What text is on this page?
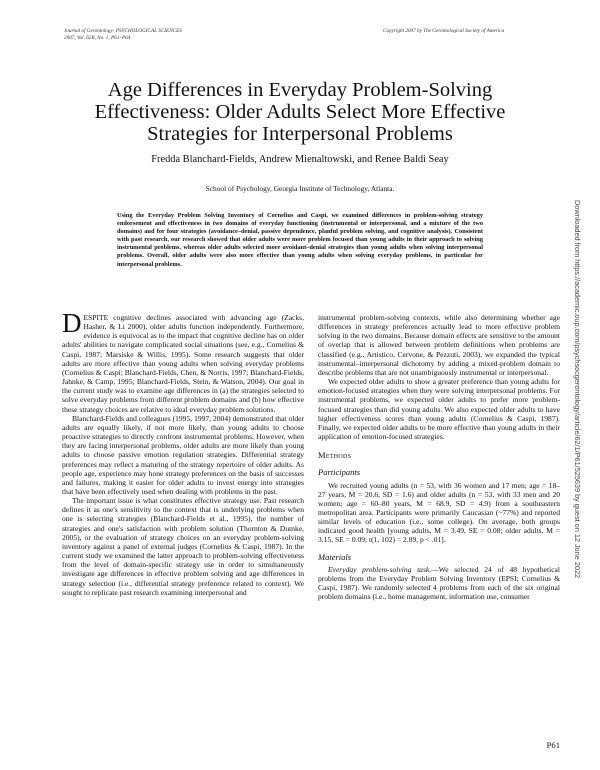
Journal of Gerontology: PSYCHOLOGICAL SCIENCES
2007, Vol. 62B, No. 1, P61–P64
Copyright 2007 by The Gerontological Society of America
Age Differences in Everyday Problem-Solving Effectiveness: Older Adults Select More Effective Strategies for Interpersonal Problems
Fredda Blanchard-Fields, Andrew Mienaltowski, and Renee Baldi Seay
School of Psychology, Georgia Institute of Technology, Atlanta.
Using the Everyday Problem Solving Inventory of Cornelius and Caspi, we examined differences in problem-solving strategy endorsement and effectiveness in two domains of everyday functioning (instrumental or interpersonal, and a mixture of the two domains) and for four strategies (avoidance–denial, passive dependence, planful problem solving, and cognitive analysis). Consistent with past research, our research showed that older adults were more problem focused than young adults in their approach to solving instrumental problems, whereas older adults selected more avoidant–denial strategies than young adults when solving interpersonal problems. Overall, older adults were also more effective than young adults when solving everyday problems, in particular for interpersonal problems.

DESPITE cognitive declines associated with advancing age (Zacks, Hasher, & Li 2000), older adults function independently. Furthermore, evidence is equivocal as to the impact that cognitive decline has on older adults' abilities to navigate complicated social situations (see, e.g., Cornelius & Caspi, 1987; Marsiske & Willis, 1995). Some research suggests that older adults are more effective than young adults when solving everyday problems (Cornelius & Caspi; Blanchard-Fields, Chen, & Norris, 1997; Blanchard-Fields, Jahnke, & Camp, 1995; Blanchard-Fields, Stein, & Watson, 2004). Our goal in the current study was to examine age differences in (a) the strategies selected to solve everyday problems from different problem domains and (b) how effective these strategy choices are relative to ideal everyday problem solutions.

Blanchard-Fields and colleagues (1995, 1997, 2004) demonstrated that older adults are equally likely, if not more likely, than young adults to choose proactive strategies to directly confront instrumental problems. However, when they are facing interpersonal problems, older adults are more likely than young adults to choose passive emotion regulation strategies. Differential strategy preferences may reflect a maturing of the strategy repertoire of older adults. As people age, experience may hone strategy preferences on the basis of successes and failures, making it easier for older adults to invest energy into strategies that have been effectively used when dealing with problems in the past.

The important issue is what constitutes effective strategy use. Past research defines it as one's sensitivity to the context that is underlying problems when one is selecting strategies (Blanchard-Fields et al., 1995), the number of strategies and one's satisfaction with problem solution (Thornton & Dumke, 2005), or the evaluation of strategy choices on an everyday problem-solving inventory against a panel of external judges (Cornelius & Caspi, 1987). In the current study we examined the latter approach to problem-solving effectiveness from the level of domain-specific strategy use in order to simultaneously investigate age differences in effective problem solving and age differences in strategy selection (i.e., differential strategy preference related to context). We sought to replicate past research examining interpersonal and

instrumental problem-solving contexts, while also determining whether age differences in strategy preferences actually lead to more effective problem solving in the two domains. Because domain effects are sensitive to the amount of overlap that is allowed between problem definitions when problems are classified (e.g., Artistico, Cervone, & Pezzuti, 2003), we expanded the typical instrumental–interpersonal dichotomy by adding a mixed-problem domain to describe problems that are not unambiguously instrumental or interpersonal.

We expected older adults to show a greater preference than young adults for emotion-focused strategies when they were solving interpersonal problems. For instrumental problems, we expected older adults to prefer more problem-focused strategies than did young adults. We also expected older adults to have higher effectiveness scores than young adults (Cornelius & Caspi, 1987). Finally, we expected older adults to be more effective than young adults in their application of emotion-focused strategies.

Methods
Participants

We recruited young adults (n = 53, with 36 women and 17 men; age = 18–27 years, M = 20.6, SD = 1.6) and older adults (n = 53, with 33 men and 20 women; age = 60–80 years, M = 68.9, SD = 4.9) from a southeastern metropolitan area. Participants were primarily Caucasian (~77%) and reported similar levels of education (i.e., some college). On average, both groups indicated good health [young adults, M = 3.49, SE = 0.08; older adults, M = 3.15, SE = 0.09; t(1, 102) = 2.89, p < .01].

Materials

Everyday problem-solving task.—We selected 24 of 48 hypothetical problems from the Everyday Problem Solving Inventory (EPSI; Cornelius & Caspi, 1987). We randomly selected 4 problems from each of the six original problem domains (i.e., home management, information use, consumer

Downloaded from https://academic.oup.com/psychsocgerontology/article/62/1/P61/525639 by guest on 12 June 2022
P61
